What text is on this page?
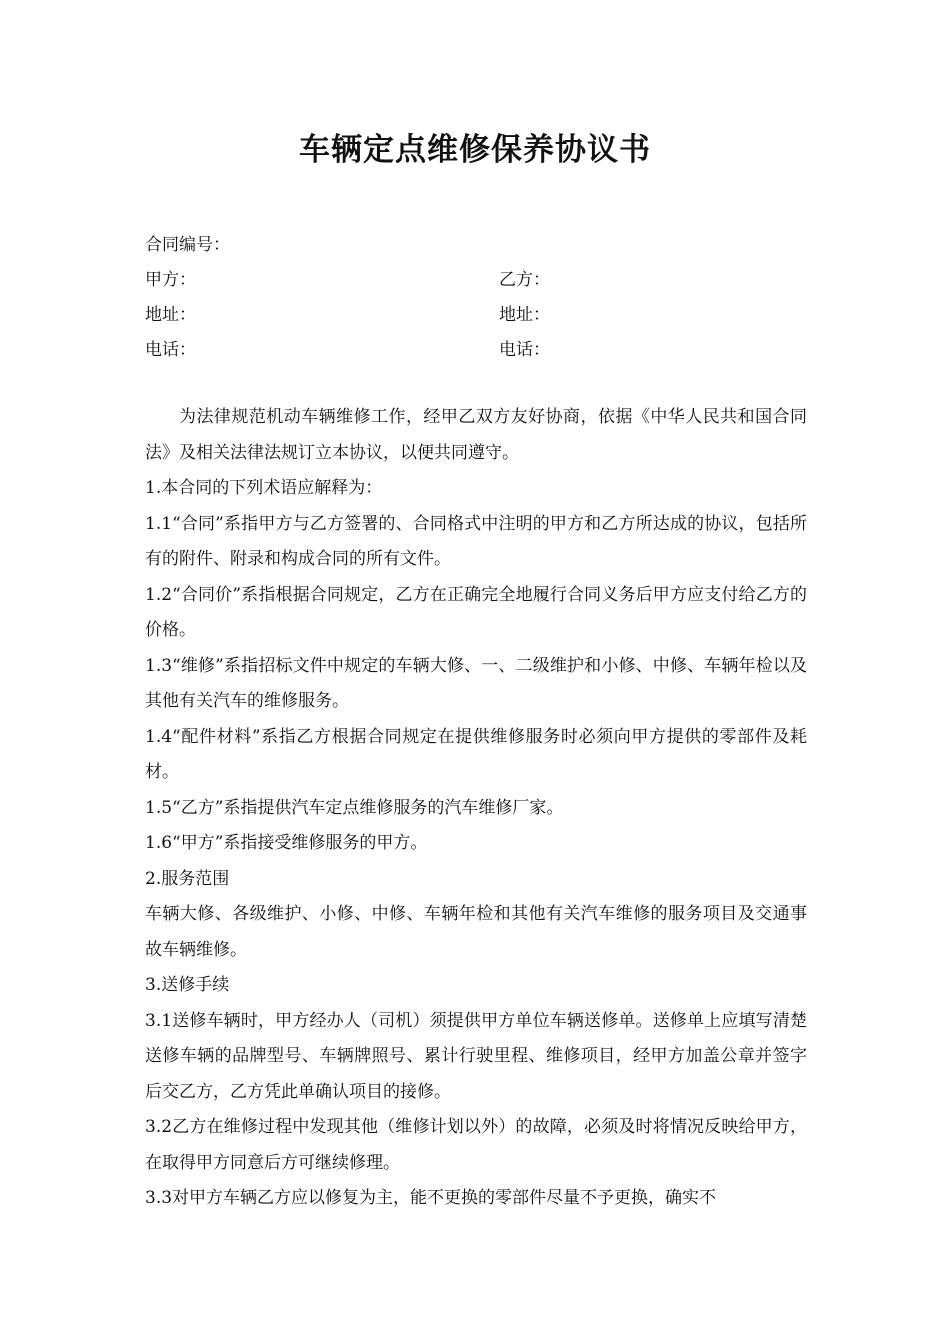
车辆定点维修保养协议书
合同编号：
甲方：	乙方：
地址：	地址：
电话：	电话：

为法律规范机动车辆维修工作，经甲乙双方友好协商，依据《中华人民共和国合同法》及相关法律法规订立本协议，以便共同遵守。

1.本合同的下列术语应解释为：

1.1“合同”系指甲方与乙方签署的、合同格式中注明的甲方和乙方所达成的协议，包括所有的附件、附录和构成合同的所有文件。

1.2“合同价”系指根据合同规定，乙方在正确完全地履行合同义务后甲方应支付给乙方的价格。

1.3“维修”系指招标文件中规定的车辆大修、一、二级维护和小修、中修、车辆年检以及其他有关汽车的维修服务。

1.4“配件材料”系指乙方根据合同规定在提供维修服务时必须向甲方提供的零部件及耗材。

1.5“乙方”系指提供汽车定点维修服务的汽车维修厂家。

1.6“甲方”系指接受维修服务的甲方。

2.服务范围

车辆大修、各级维护、小修、中修、车辆年检和其他有关汽车维修的服务项目及交通事故车辆维修。

3.送修手续

3.1送修车辆时，甲方经办人（司机）须提供甲方单位车辆送修单。送修单上应填写清楚送修车辆的品牌型号、车辆牌照号、累计行驶里程、维修项目，经甲方加盖公章并签字后交乙方，乙方凭此单确认项目的接修。

3.2乙方在维修过程中发现其他（维修计划以外）的故障，必须及时将情况反映给甲方，在取得甲方同意后方可继续修理。

3.3对甲方车辆乙方应以修复为主，能不更换的零部件尽量不予更换，确实不
